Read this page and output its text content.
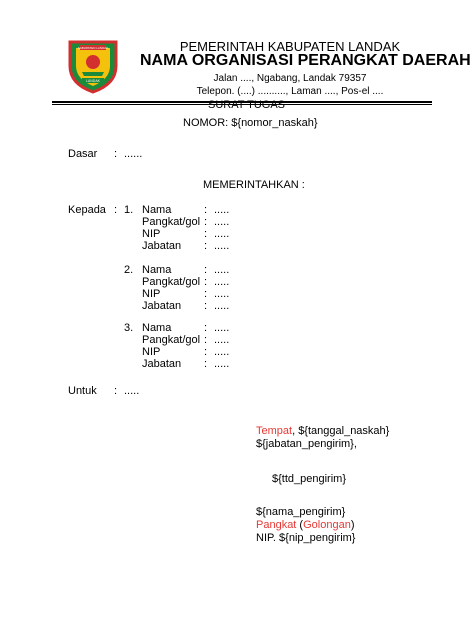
KABUPATEN LANDAK
LANDAK
PEMERINTAH KABUPATEN LANDAK
NAMA ORGANISASI PERANGKAT DAERAH
Jalan ...., Ngabang, Landak 79357
Telepon. (....) .........., Laman ...., Pos-el ....
SURAT TUGAS
NOMOR: ${nomor_naskah}
Dasar : ......
MEMERINTAHKAN :
Kepada : 1. Nama	: .....
Pangkat/gol : .....
NIP	: .....
Jabatan : .....
2. Nama	: .....
Pangkat/gol : .....
NIP	: .....
Jabatan : .....
3. Nama	: .....
Pangkat/gol : .....
NIP	: .....
Jabatan : .....
Untuk : .....
Tempat, ${tanggal_naskah}
${jabatan_pengirim},
${ttd_pengirim}
${nama_pengirim}
Pangkat (Golongan)
NIP. ${nip_pengirim}
